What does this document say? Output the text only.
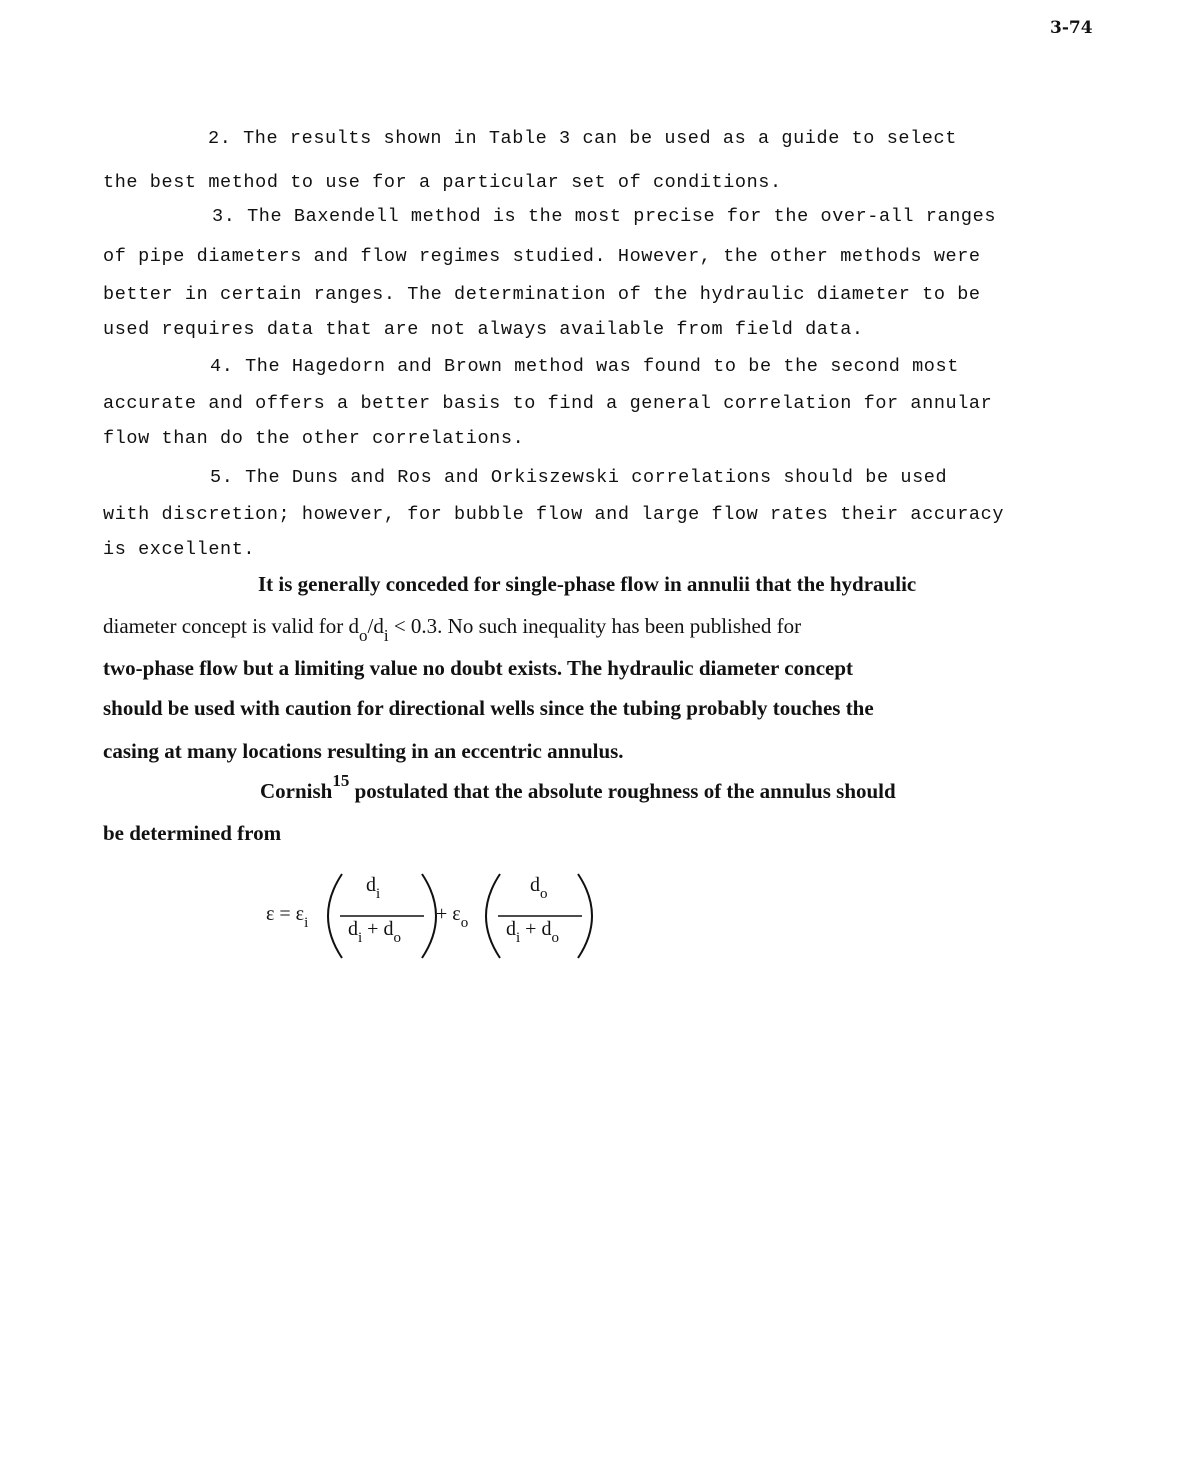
3-74
2. The results shown in Table 3 can be used as a guide to select
the best method to use for a particular set of conditions.
3. The Baxendell method is the most precise for the over-all ranges
of pipe diameters and flow regimes studied. However, the other methods were
better in certain ranges. The determination of the hydraulic diameter to be
used requires data that are not always available from field data.
4. The Hagedorn and Brown method was found to be the second most
accurate and offers a better basis to find a general correlation for annular
flow than do the other correlations.
5. The Duns and Ros and Orkiszewski correlations should be used
with discretion; however, for bubble flow and large flow rates their accuracy
is excellent.
It is generally conceded for single-phase flow in annulii that the hydraulic
diameter concept is valid for $d_o/d_i < 0.3$. No such inequality has been published for
two-phase flow but a limiting value no doubt exists. The hydraulic diameter concept
should be used with caution for directional wells since the tubing probably touches the
casing at many locations resulting in an eccentric annulus.
Cornish$^{15}$ postulated that the absolute roughness of the annulus should
be determined from
$\varepsilon = \varepsilon_i$
$d_i$
$d_i + d_o$
+ $\varepsilon_o$
$d_o$
$d_i + d_o$
